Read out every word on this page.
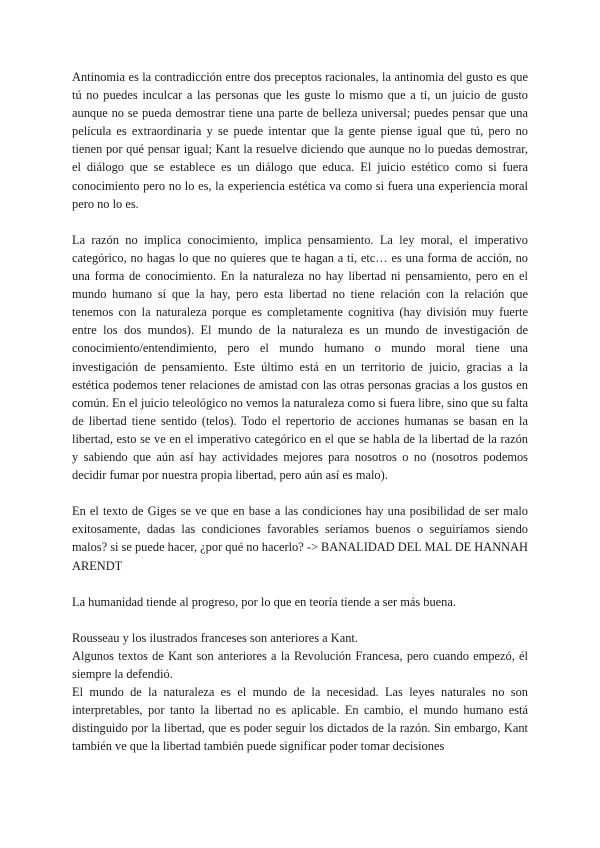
Antinomia es la contradicción entre dos preceptos racionales, la antinomia del gusto es que tú no puedes inculcar a las personas que les guste lo mismo que a ti, un juicio de gusto aunque no se pueda demostrar tiene una parte de belleza universal; puedes pensar que una película es extraordinaria y se puede intentar que la gente piense igual que tú, pero no tienen por qué pensar igual; Kant la resuelve diciendo que aunque no lo puedas demostrar, el diálogo que se establece es un diálogo que educa. El juicio estético como si fuera conocimiento pero no lo es, la experiencia estética va como si fuera una experiencia moral pero no lo es.

La razón no implica conocimiento, implica pensamiento. La ley moral, el imperativo categórico, no hagas lo que no quieres que te hagan a ti, etc… es una forma de acción, no una forma de conocimiento. En la naturaleza no hay libertad ni pensamiento, pero en el mundo humano sí que la hay, pero esta libertad no tiene relación con la relación que tenemos con la naturaleza porque es completamente cognitiva (hay división muy fuerte entre los dos mundos). El mundo de la naturaleza es un mundo de investigación de conocimiento/entendimiento, pero el mundo humano o mundo moral tiene una investigación de pensamiento. Este último está en un territorio de juicio, gracias a la estética podemos tener relaciones de amistad con las otras personas gracias a los gustos en común. En el juicio teleológico no vemos la naturaleza como si fuera libre, sino que su falta de libertad tiene sentido (telos). Todo el repertorio de acciones humanas se basan en la libertad, esto se ve en el imperativo categórico en el que se habla de la libertad de la razón y sabiendo que aún así hay actividades mejores para nosotros o no (nosotros podemos decidir fumar por nuestra propia libertad, pero aún así es malo).

En el texto de Giges se ve que en base a las condiciones hay una posibilidad de ser malo exitosamente, dadas las condiciones favorables seríamos buenos o seguiríamos siendo malos? si se puede hacer, ¿por qué no hacerlo? -> BANALIDAD DEL MAL DE HANNAH ARENDT

La humanidad tiende al progreso, por lo que en teoría tiende a ser más buena.

Rousseau y los ilustrados franceses son anteriores a Kant.

Algunos textos de Kant son anteriores a la Revolución Francesa, pero cuando empezó, él siempre la defendió.

El mundo de la naturaleza es el mundo de la necesidad. Las leyes naturales no son interpretables, por tanto la libertad no es aplicable. En cambio, el mundo humano está distinguido por la libertad, que es poder seguir los dictados de la razón. Sin embargo, Kant también ve que la libertad también puede significar poder tomar decisiones
